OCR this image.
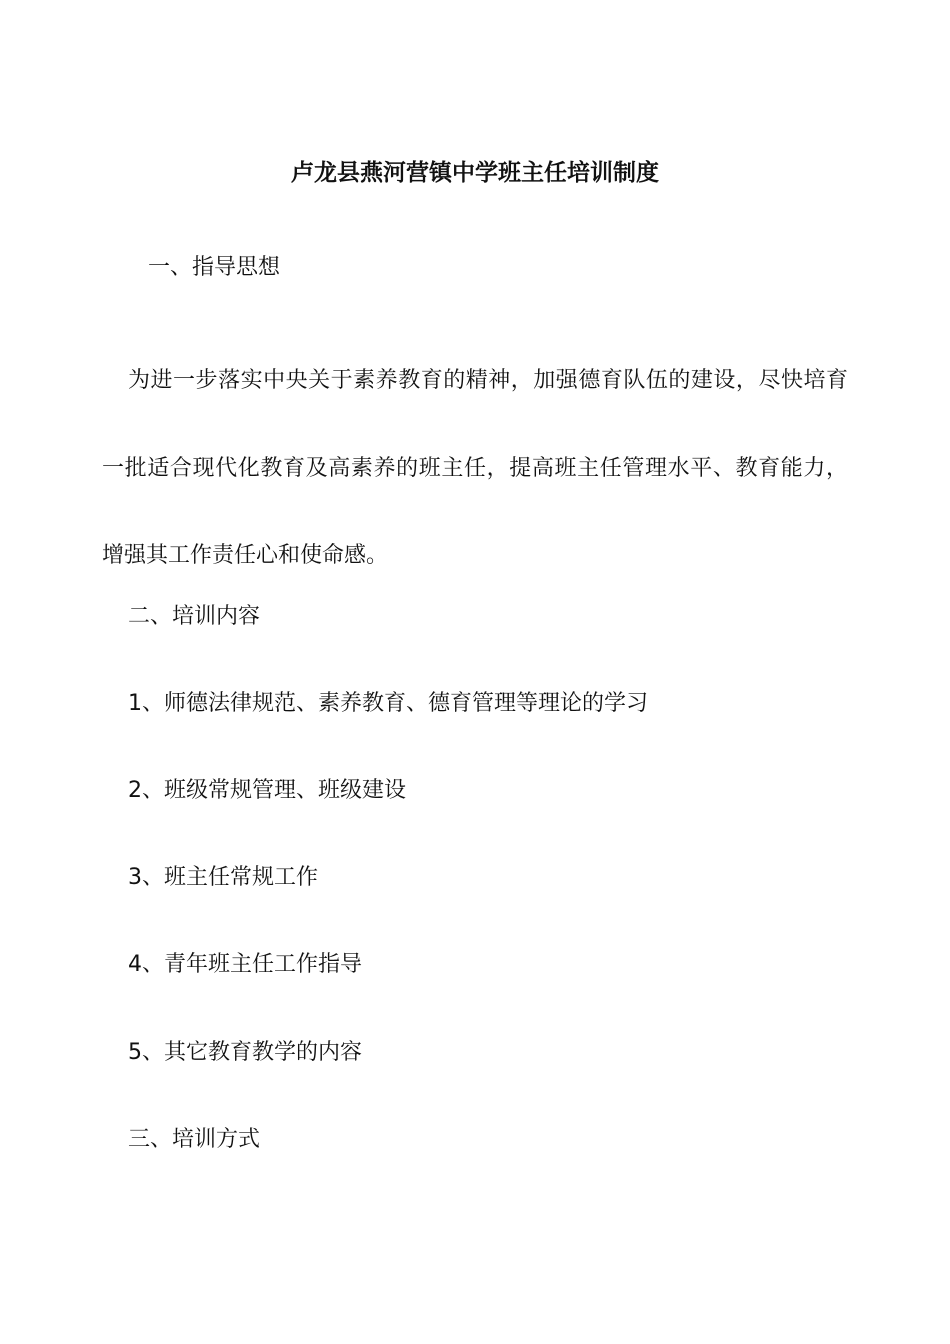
卢龙县燕河营镇中学班主任培训制度
一、指导思想
为进一步落实中央关于素养教育的精神，加强德育队伍的建设，尽快培育一批适合现代化教育及高素养的班主任，提高班主任管理水平、教育能力，增强其工作责任心和使命感。
二、培训内容
1、师德法律规范、素养教育、德育管理等理论的学习
2、班级常规管理、班级建设
3、班主任常规工作
4、青年班主任工作指导
5、其它教育教学的内容
三、培训方式
